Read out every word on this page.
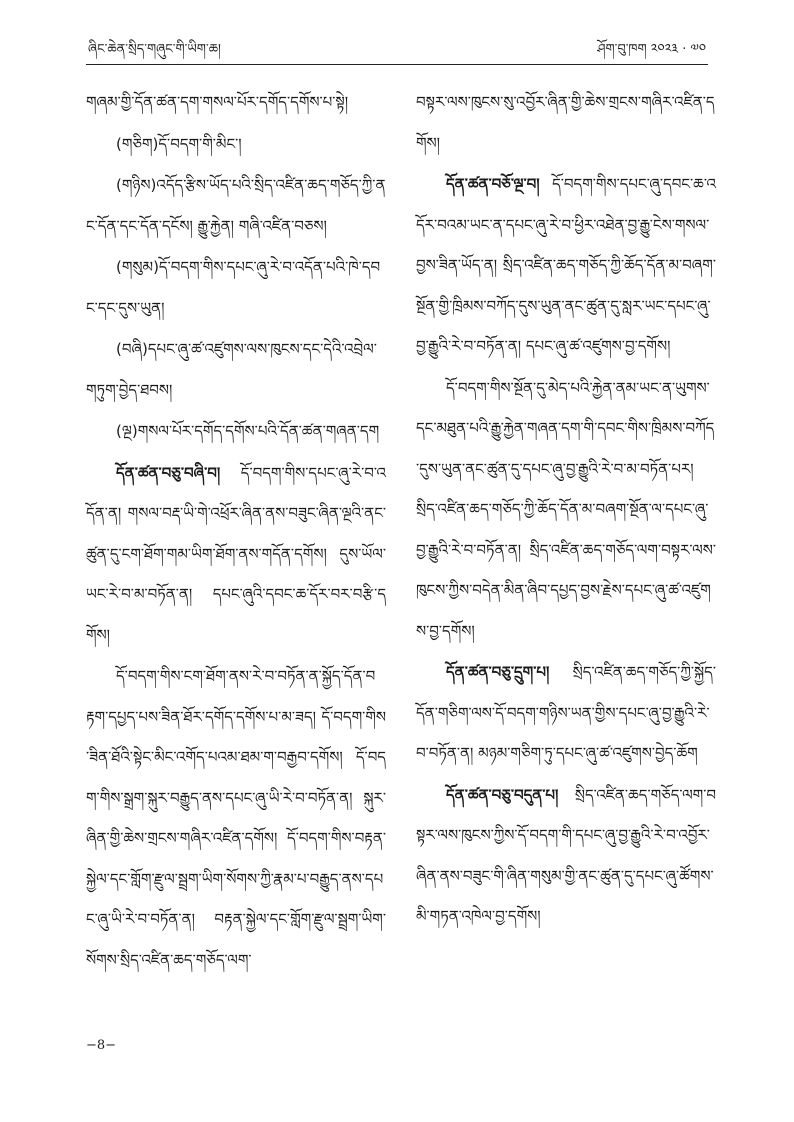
ཞིང་ཆེན་སྲིད་གཞུང་གི་ཡིག་ཆ།	ཤོག་བུ་ཁག ༢༠༢༣ · ༧༠

གཞམ་གྱི་དོན་ཚན་དག་གསལ་པོར་དགོད་དགོས་པ་སྟེ།

(གཅིག)དོ་བདག་གི་མིང་།

(གཉིས)འདོད་རྩིས་ཡོད་པའི་སྲིད་འཛིན་ཆད་གཅོད་ཀྱི་ནང་དོན་དང་དོན་དངོས། རྒྱུ་རྐྱེན། གཞི་འཛིན་བཅས།

(གསུམ)དོ་བདག་གིས་དཔང་ཞུ་རེ་བ་འདོན་པའི་ཁེ་དབང་དང་དུས་ཡུན།

(བཞི)དཔང་ཞུ་ཚ་འཛུགས་ལས་ཁུངས་དང་དེའི་འབྲེལ་གཏུག་བྱེད་ཐབས།

(ལྔ)གསལ་པོར་དགོད་དགོས་པའི་དོན་ཚན་གཞན་དག

དོན་ཚན་བཅུ་བཞི་བ། དོ་བདག་གིས་དཔང་ཞུ་རེ་བ་འདོན་ན། གསལ་བརྡ་ཡི་གེ་འཕྲོར་ཞིན་ནས་བཟུང་ཞིན་ལྔའི་ནང་ཚུན་དུ་ངག་ཐོག་གམ་ཡིག་ཐོག་ནས་གདོན་དགོས། དུས་ཡོལ་ཡང་རེ་བ་མ་བཏོན་ན། དཔང་ཞུའི་དབང་ཆ་དོར་བར་བརྩི་དགོས།

དོ་བདག་གིས་ངག་ཐོག་ནས་རེ་བ་བཏོན་ན་སྐྱོད་དོན་བརྟག་དཔྱད་པས་ཟིན་ཐོར་དགོད་དགོས་པ་མ་ཟད། དོ་བདག་གིས་ཟིན་ཐོའི་སྟེང་མིང་འགོད་པའམ་ཐམ་ག་བརྒྱབ་དགོས། དོ་བདག་གིས་སྒྲག་སྐུར་བརྒྱུད་ནས་དཔང་ཞུ་ཡི་རེ་བ་བཏོན་ན། སྐུར་ཞིན་གྱི་ཆེས་གྲངས་གཞིར་འཛིན་དགོས། དོ་བདག་གིས་བརྟན་སྐྱེལ་དང་གློག་རྫུལ་སྦྲག་ཡིག་སོགས་ཀྱི་རྣམ་པ་བརྒྱུད་ནས་དཔང་ཞུ་ཡི་རེ་བ་བཏོན་ན། བརྟན་སྐྱེལ་དང་གློག་རྫུལ་སྦྲག་ཡིག་སོགས་སྲིད་འཛིན་ཆད་གཅོད་ལག་

བསྟར་ལས་ཁུངས་སུ་འབྱོར་ཞིན་གྱི་ཆེས་གྲངས་གཞིར་འཛིན་དགོས།

དོན་ཚན་བཅོ་ལྔ་བ། དོ་བདག་གིས་དཔང་ཞུ་དབང་ཆ་འདོར་བའམ་ཡང་ན་དཔང་ཞུ་རེ་བ་ཕྱིར་འཐེན་བྱ་རྒྱུ་ངེས་གསལ་བྱས་ཟིན་ཡོད་ན། སྲིད་འཛིན་ཆད་གཅོད་ཀྱི་ཆོད་དོན་མ་བཞག་སྔོན་གྱི་ཁྲིམས་བཀོད་དུས་ཡུན་ནང་ཚུན་དུ་སླར་ཡང་དཔང་ཞུ་བྱ་རྒྱུའི་རེ་བ་བཏོན་ན། དཔང་ཞུ་ཚ་འཛུགས་བྱ་དགོས།

དོ་བདག་གིས་སྔོན་དུ་མེད་པའི་རྐྱེན་ནམ་ཡང་ན་ཡུགས་དང་མཐུན་པའི་རྒྱུ་རྐྱེན་གཞན་དག་གི་དབང་གིས་ཁྲིམས་བཀོད་དུས་ཡུན་ནང་ཚུན་དུ་དཔང་ཞུ་བྱ་རྒྱུའི་རེ་བ་མ་བཏོན་པར། སྲིད་འཛིན་ཆད་གཅོད་ཀྱི་ཆོད་དོན་མ་བཞག་སྔོན་ལ་དཔང་ཞུ་བྱ་རྒྱུའི་རེ་བ་བཏོན་ན། སྲིད་འཛིན་ཆད་གཅོད་ལག་བསྟར་ལས་ཁུངས་ཀྱིས་བདེན་མིན་ཞིབ་དཔྱད་བྱས་རྗེས་དཔང་ཞུ་ཚ་འཛུགས་བྱ་དགོས།

དོན་ཚན་བཅུ་དྲུག་པ། སྲིད་འཛིན་ཆད་གཅོད་ཀྱི་སྐྱོད་དོན་གཅིག་ལས་དོ་བདག་གཉིས་ཡན་གྱིས་དཔང་ཞུ་བྱ་རྒྱུའི་རེ་བ་བཏོན་ན། མཉམ་གཅིག་ཏུ་དཔང་ཞུ་ཚ་འཛུགས་བྱེད་ཆོག

དོན་ཚན་བཅུ་བདུན་པ། སྲིད་འཛིན་ཆད་གཅོད་ལག་བསྟར་ལས་ཁུངས་ཀྱིས་དོ་བདག་གི་དཔང་ཞུ་བྱ་རྒྱུའི་རེ་བ་འབྱོར་ཞིན་ནས་བཟུང་གི་ཞིན་གསུམ་གྱི་ནང་ཚུན་དུ་དཔང་ཞུ་ཚོགས་མི་གཏན་འཁེལ་བྱ་དགོས།

−8−
